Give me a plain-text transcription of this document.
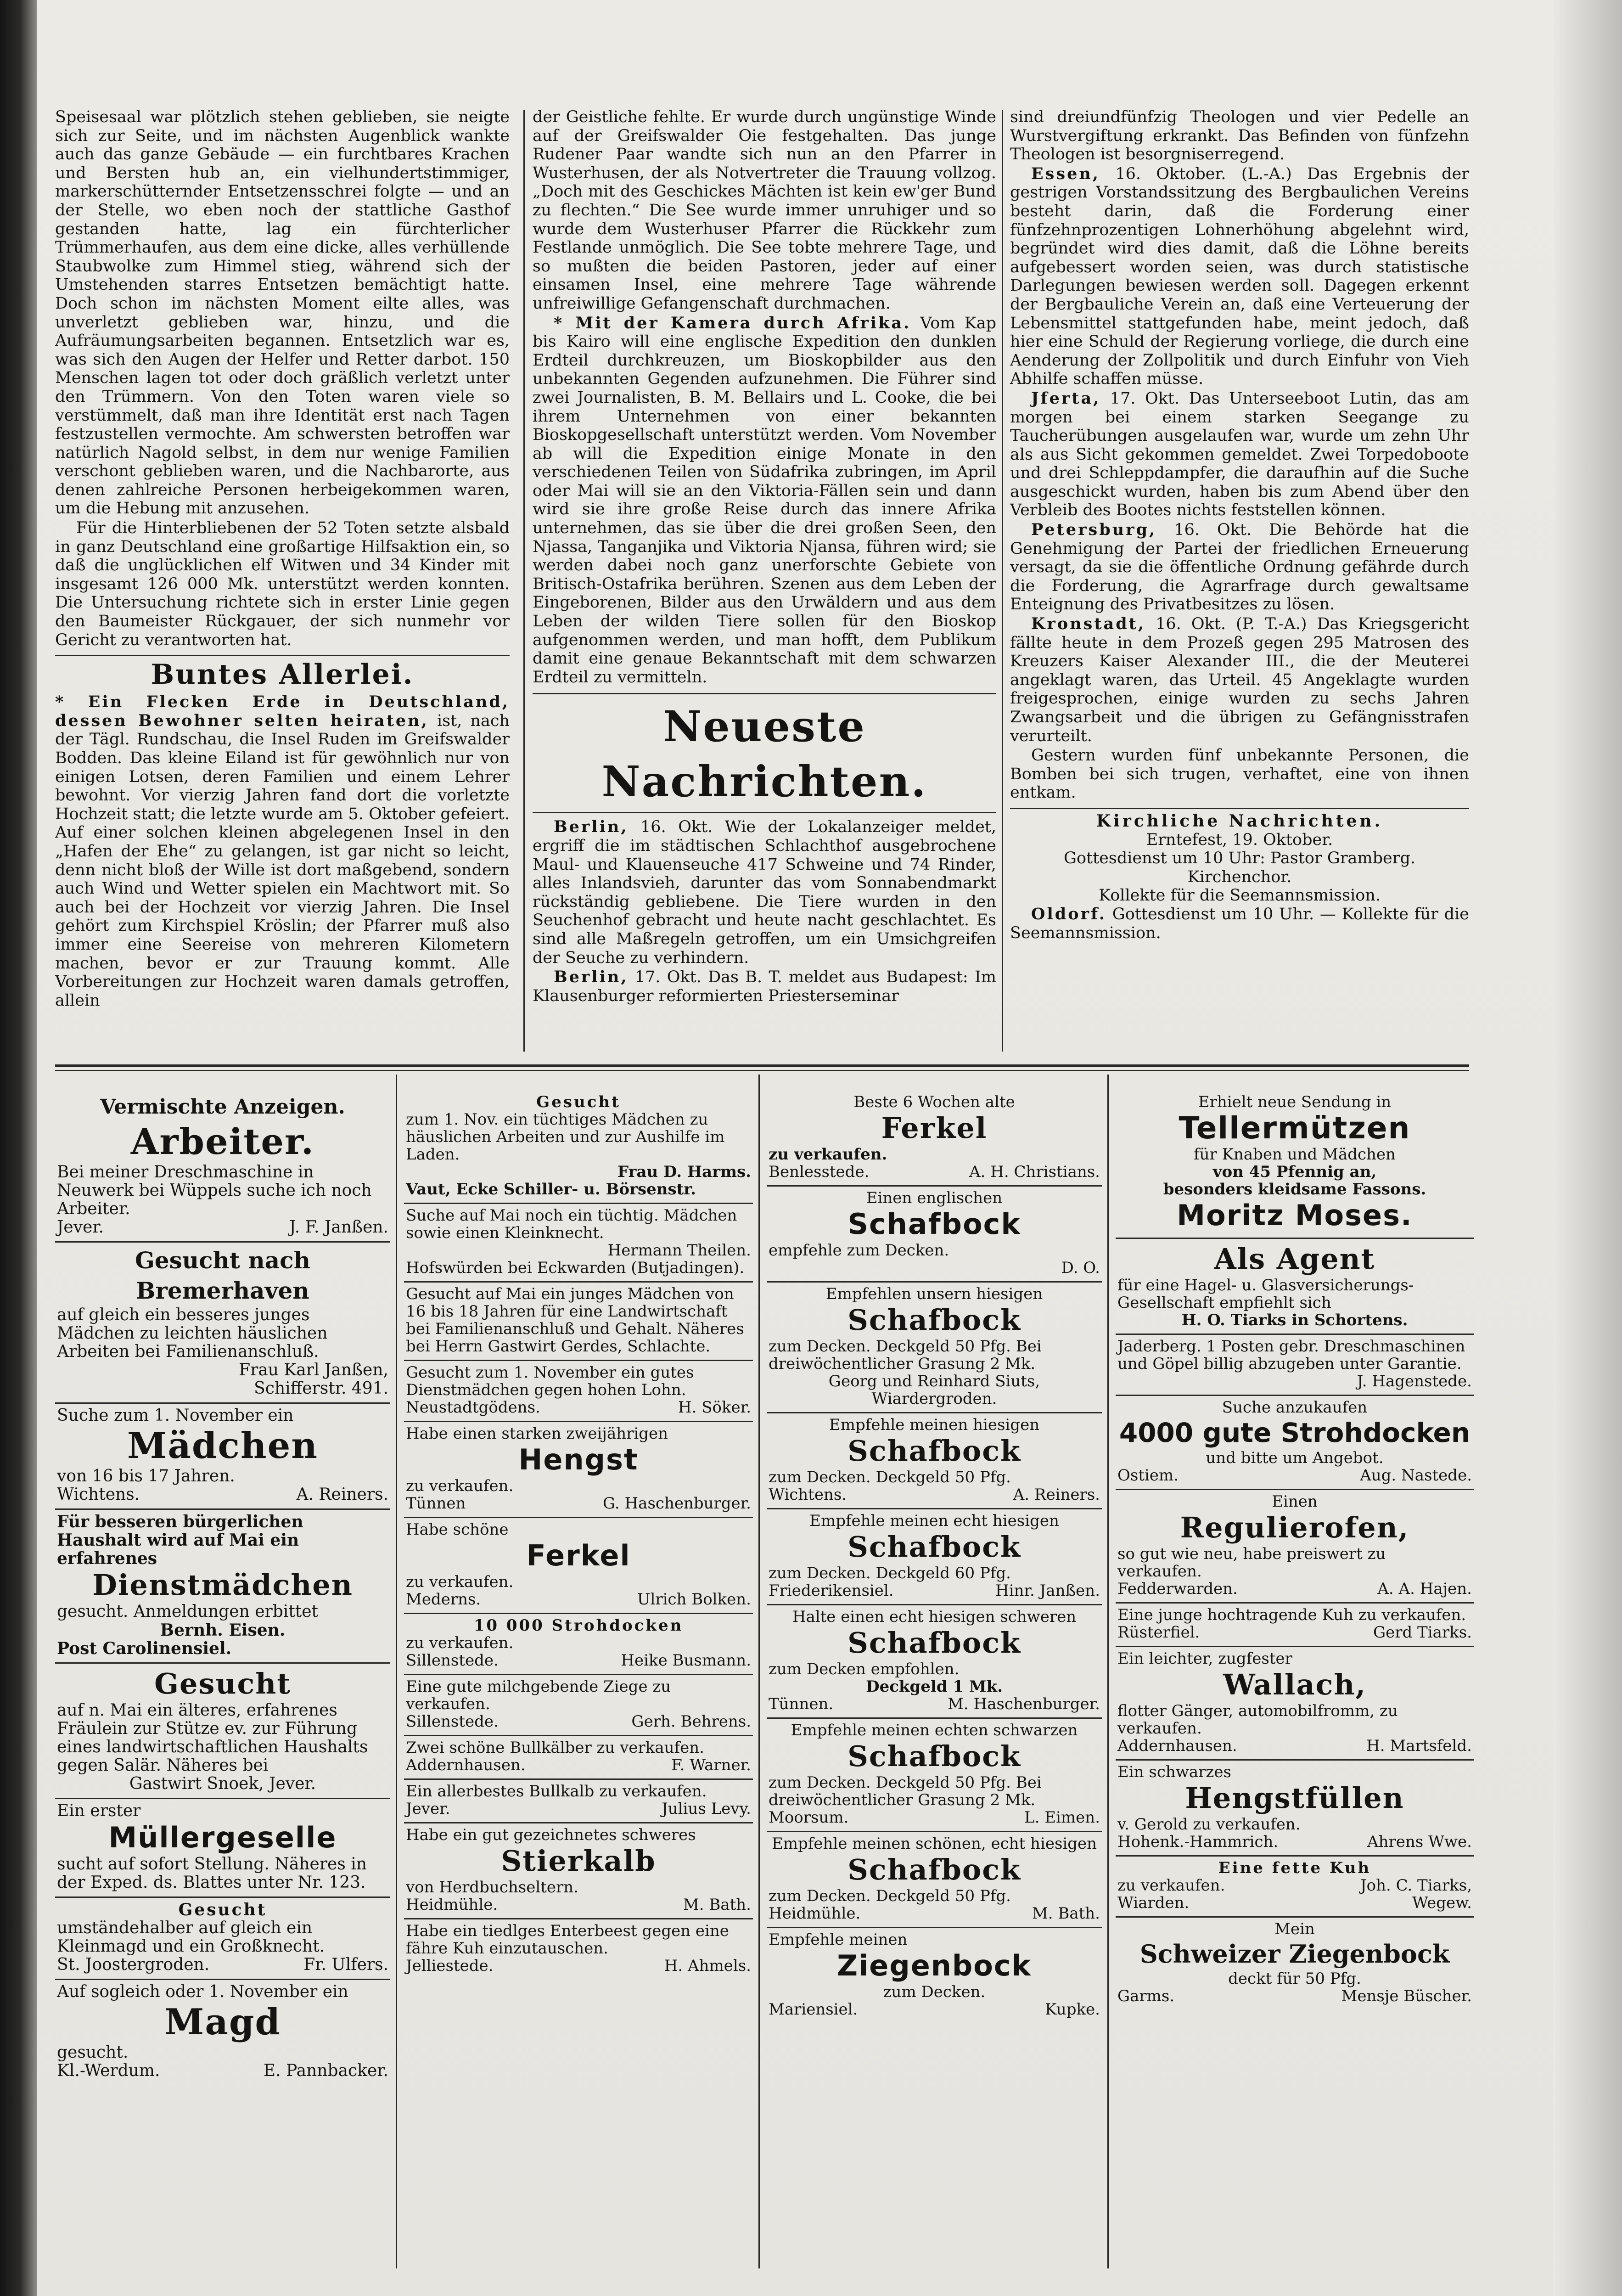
Speisesaal war plötzlich stehen geblieben, sie neigte sich zur Seite, und im nächsten Augenblick wankte auch das ganze Gebäude — ein furchtbares Krachen und Bersten hub an, ein vielhundertstimmiger, markerschütternder Entsetzensschrei folgte — und an der Stelle, wo eben noch der stattliche Gasthof gestanden hatte, lag ein fürchterlicher Trümmerhaufen, aus dem eine dicke, alles verhüllende Staubwolke zum Himmel stieg, während sich der Umstehenden starres Entsetzen bemächtigt hatte. Doch schon im nächsten Moment eilte alles, was unverletzt geblieben war, hinzu, und die Aufräumungsarbeiten begannen. Entsetzlich war es, was sich den Augen der Helfer und Retter darbot. 150 Menschen lagen tot oder doch gräßlich verletzt unter den Trümmern. Von den Toten waren viele so verstümmelt, daß man ihre Identität erst nach Tagen festzustellen vermochte. Am schwersten betroffen war natürlich Nagold selbst, in dem nur wenige Familien verschont geblieben waren, und die Nachbarorte, aus denen zahlreiche Personen herbeigekommen waren, um die Hebung mit anzusehen.

Für die Hinterbliebenen der 52 Toten setzte alsbald in ganz Deutschland eine großartige Hilfsaktion ein, so daß die unglücklichen elf Witwen und 34 Kinder mit insgesamt 126 000 Mk. unterstützt werden konnten. Die Untersuchung richtete sich in erster Linie gegen den Baumeister Rückgauer, der sich nunmehr vor Gericht zu verantworten hat.

Buntes Allerlei.

* Ein Flecken Erde in Deutschland, dessen Bewohner selten heiraten, ist, nach der Tägl. Rundschau, die Insel Ruden im Greifswalder Bodden. Das kleine Eiland ist für gewöhnlich nur von einigen Lotsen, deren Familien und einem Lehrer bewohnt. Vor vierzig Jahren fand dort die vorletzte Hochzeit statt; die letzte wurde am 5. Oktober gefeiert. Auf einer solchen kleinen abgelegenen Insel in den „Hafen der Ehe“ zu gelangen, ist gar nicht so leicht, denn nicht bloß der Wille ist dort maßgebend, sondern auch Wind und Wetter spielen ein Machtwort mit. So auch bei der Hochzeit vor vierzig Jahren. Die Insel gehört zum Kirchspiel Kröslin; der Pfarrer muß also immer eine Seereise von mehreren Kilometern machen, bevor er zur Trauung kommt. Alle Vorbereitungen zur Hochzeit waren damals getroffen, allein

der Geistliche fehlte. Er wurde durch ungünstige Winde auf der Greifswalder Oie festgehalten. Das junge Rudener Paar wandte sich nun an den Pfarrer in Wusterhusen, der als Notvertreter die Trauung vollzog. „Doch mit des Geschickes Mächten ist kein ew'ger Bund zu flechten.“ Die See wurde immer unruhiger und so wurde dem Wusterhuser Pfarrer die Rückkehr zum Festlande unmöglich. Die See tobte mehrere Tage, und so mußten die beiden Pastoren, jeder auf einer einsamen Insel, eine mehrere Tage währende unfreiwillige Gefangenschaft durchmachen.

* Mit der Kamera durch Afrika. Vom Kap bis Kairo will eine englische Expedition den dunklen Erdteil durchkreuzen, um Bioskopbilder aus den unbekannten Gegenden aufzunehmen. Die Führer sind zwei Journalisten, B. M. Bellairs und L. Cooke, die bei ihrem Unternehmen von einer bekannten Bioskopgesellschaft unterstützt werden. Vom November ab will die Expedition einige Monate in den verschiedenen Teilen von Südafrika zubringen, im April oder Mai will sie an den Viktoria-Fällen sein und dann wird sie ihre große Reise durch das innere Afrika unternehmen, das sie über die drei großen Seen, den Njassa, Tanganjika und Viktoria Njansa, führen wird; sie werden dabei noch ganz unerforschte Gebiete von Britisch-Ostafrika berühren. Szenen aus dem Leben der Eingeborenen, Bilder aus den Urwäldern und aus dem Leben der wilden Tiere sollen für den Bioskop aufgenommen werden, und man hofft, dem Publikum damit eine genaue Bekanntschaft mit dem schwarzen Erdteil zu vermitteln.

Neueste Nachrichten.

Berlin, 16. Okt. Wie der Lokalanzeiger meldet, ergriff die im städtischen Schlachthof ausgebrochene Maul- und Klauenseuche 417 Schweine und 74 Rinder, alles Inlandsvieh, darunter das vom Sonnabendmarkt rückständig gebliebene. Die Tiere wurden in den Seuchenhof gebracht und heute nacht geschlachtet. Es sind alle Maßregeln getroffen, um ein Umsichgreifen der Seuche zu verhindern.

Berlin, 17. Okt. Das B. T. meldet aus Budapest: Im Klausenburger reformierten Priesterseminar

sind dreiundfünfzig Theologen und vier Pedelle an Wurstvergiftung erkrankt. Das Befinden von fünfzehn Theologen ist besorgniserregend.

Essen, 16. Oktober. (L.-A.) Das Ergebnis der gestrigen Vorstandssitzung des Bergbaulichen Vereins besteht darin, daß die Forderung einer fünfzehnprozentigen Lohnerhöhung abgelehnt wird, begründet wird dies damit, daß die Löhne bereits aufgebessert worden seien, was durch statistische Darlegungen bewiesen werden soll. Dagegen erkennt der Bergbauliche Verein an, daß eine Verteuerung der Lebensmittel stattgefunden habe, meint jedoch, daß hier eine Schuld der Regierung vorliege, die durch eine Aenderung der Zollpolitik und durch Einfuhr von Vieh Abhilfe schaffen müsse.

Jferta, 17. Okt. Das Unterseeboot Lutin, das am morgen bei einem starken Seegange zu Taucherübungen ausgelaufen war, wurde um zehn Uhr als aus Sicht gekommen gemeldet. Zwei Torpedoboote und drei Schleppdampfer, die daraufhin auf die Suche ausgeschickt wurden, haben bis zum Abend über den Verbleib des Bootes nichts feststellen können.

Petersburg, 16. Okt. Die Behörde hat die Genehmigung der Partei der friedlichen Erneuerung versagt, da sie die öffentliche Ordnung gefährde durch die Forderung, die Agrarfrage durch gewaltsame Enteignung des Privatbesitzes zu lösen.

Kronstadt, 16. Okt. (P. T.-A.) Das Kriegsgericht fällte heute in dem Prozeß gegen 295 Matrosen des Kreuzers Kaiser Alexander III., die der Meuterei angeklagt waren, das Urteil. 45 Angeklagte wurden freigesprochen, einige wurden zu sechs Jahren Zwangsarbeit und die übrigen zu Gefängnisstrafen verurteilt.

Gestern wurden fünf unbekannte Personen, die Bomben bei sich trugen, verhaftet, eine von ihnen entkam.

Kirchliche Nachrichten.
Erntefest, 19. Oktober.
Gottesdienst um 10 Uhr: Pastor Gramberg.
Kirchenchor.
Kollekte für die Seemannsmission.

Oldorf. Gottesdienst um 10 Uhr. — Kollekte für die Seemannsmission.

Vermischte Anzeigen.
Arbeiter.
Bei meiner Dreschmaschine in Neuwerk bei Wüppels suche ich noch Arbeiter.
Jever.	J. F. Janßen.
Gesucht nach Bremerhaven
auf gleich ein besseres junges Mädchen zu leichten häuslichen Arbeiten bei Familienanschluß.
Frau Karl Janßen,
Schifferstr. 491.
Suche zum 1. November ein
Mädchen
von 16 bis 17 Jahren.
Wichtens.	A. Reiners.
Für besseren bürgerlichen Haushalt wird auf Mai ein erfahrenes
Dienstmädchen
gesucht. Anmeldungen erbittet
Bernh. Eisen.
Post Carolinensiel.
Gesucht
auf n. Mai ein älteres, erfahrenes Fräulein zur Stütze ev. zur Führung eines landwirtschaftlichen Haushalts gegen Salär. Näheres bei
Gastwirt Snoek, Jever.
Ein erster
Müllergeselle
sucht auf sofort Stellung. Näheres in der Exped. ds. Blattes unter Nr. 123.
Gesucht
umständehalber auf gleich ein Kleinmagd und ein Großknecht.
St. Joostergroden.	Fr. Ulfers.
Auf sogleich oder 1. November ein
Magd
gesucht.
Kl.-Werdum.	E. Pannbacker.
Gesucht
zum 1. Nov. ein tüchtiges Mädchen zu häuslichen Arbeiten und zur Aushilfe im Laden.
Frau D. Harms.
Vaut, Ecke Schiller- u. Börsenstr.
Suche auf Mai noch ein tüchtig. Mädchen sowie einen Kleinknecht.
Hermann Theilen.
Hofswürden bei Eckwarden (Butjadingen).
Gesucht auf Mai ein junges Mädchen von 16 bis 18 Jahren für eine Landwirtschaft bei Familienanschluß und Gehalt. Näheres bei Herrn Gastwirt Gerdes, Schlachte.
Gesucht zum 1. November ein gutes Dienstmädchen gegen hohen Lohn.
Neustadtgödens.	H. Söker.
Habe einen starken zweijährigen
Hengst
zu verkaufen.
Tünnen	G. Haschenburger.
Habe schöne
Ferkel
zu verkaufen.
Mederns.	Ulrich Bolken.
10 000 Strohdocken
zu verkaufen.
Sillenstede.	Heike Busmann.
Eine gute milchgebende Ziege zu verkaufen.
Sillenstede.	Gerh. Behrens.
Zwei schöne Bullkälber zu verkaufen.
Addernhausen.	F. Warner.
Ein allerbestes Bullkalb zu verkaufen.
Jever.	Julius Levy.
Habe ein gut gezeichnetes schweres
Stierkalb
von Herdbuchseltern.
Heidmühle.	M. Bath.
Habe ein tiedlges Enterbeest gegen eine fähre Kuh einzutauschen.
Jelliestede.	H. Ahmels.
Beste 6 Wochen alte
Ferkel
zu verkaufen.
Benlesstede.	A. H. Christians.
Einen englischen
Schafbock
empfehle zum Decken.
D. O.
Empfehlen unsern hiesigen
Schafbock
zum Decken. Deckgeld 50 Pfg. Bei dreiwöchentlicher Grasung 2 Mk.
Georg und Reinhard Siuts,
Wiardergroden.
Empfehle meinen hiesigen
Schafbock
zum Decken. Deckgeld 50 Pfg.
Wichtens.	A. Reiners.
Empfehle meinen echt hiesigen
Schafbock
zum Decken. Deckgeld 60 Pfg.
Friederikensiel.	Hinr. Janßen.
Halte einen echt hiesigen schweren
Schafbock
zum Decken empfohlen.
Deckgeld 1 Mk.
Tünnen.	M. Haschenburger.
Empfehle meinen echten schwarzen
Schafbock
zum Decken. Deckgeld 50 Pfg. Bei dreiwöchentlicher Grasung 2 Mk.
Moorsum.	L. Eimen.
Empfehle meinen schönen, echt hiesigen
Schafbock
zum Decken. Deckgeld 50 Pfg.
Heidmühle.	M. Bath.
Empfehle meinen
Ziegenbock
zum Decken.
Mariensiel.	Kupke.
Erhielt neue Sendung in
Tellermützen
für Knaben und Mädchen
von 45 Pfennig an,
besonders kleidsame Fassons.
Moritz Moses.
Als Agent
für eine Hagel- u. Glasversicherungs-Gesellschaft empfiehlt sich
H. O. Tiarks in Schortens.
Jaderberg. 1 Posten gebr. Dreschmaschinen und Göpel billig abzugeben unter Garantie.
J. Hagenstede.
Suche anzukaufen
4000 gute Strohdocken
und bitte um Angebot.
Ostiem.	Aug. Nastede.
Einen
Regulierofen,
so gut wie neu, habe preiswert zu verkaufen.
Fedderwarden.	A. A. Hajen.
Eine junge hochtragende Kuh zu verkaufen.
Rüsterfiel.	Gerd Tiarks.
Ein leichter, zugfester
Wallach,
flotter Gänger, automobilfromm, zu verkaufen.
Addernhausen.	H. Martsfeld.
Ein schwarzes
Hengstfüllen
v. Gerold zu verkaufen.
Hohenk.-Hammrich.	Ahrens Wwe.
Eine fette Kuh
zu verkaufen.	Joh. C. Tiarks,
Wiarden.	Wegew.
Mein
Schweizer Ziegenbock
deckt für 50 Pfg.
Garms.	Mensje Büscher.
